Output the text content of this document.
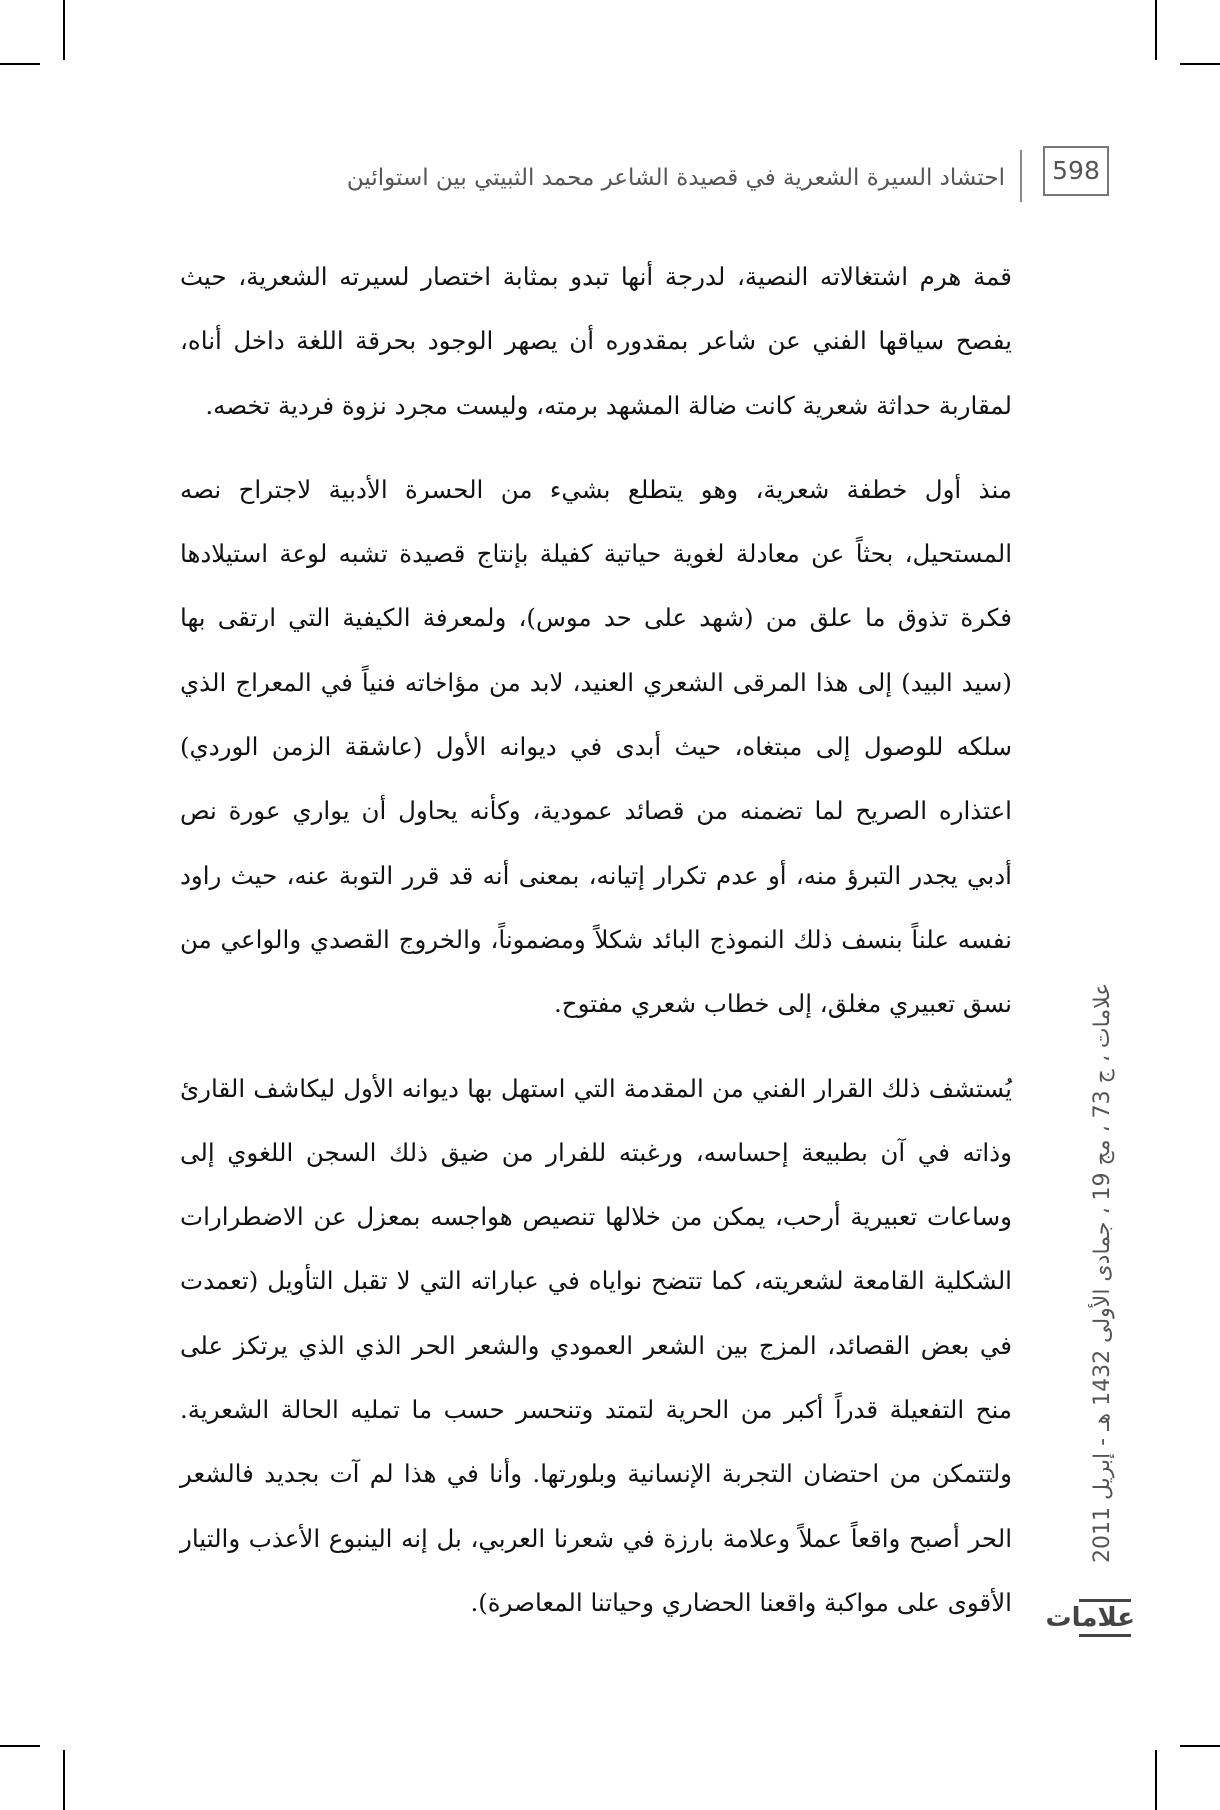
احتشاد السيرة الشعرية في قصيدة الشاعر محمد الثبيتي بين استوائين	598

قمة هرم اشتغالاته النصية، لدرجة أنها تبدو بمثابة اختصار لسيرته الشعرية، حيث يفصح سياقها الفني عن شاعر بمقدوره أن يصهر الوجود بحرقة اللغة داخل أناه، لمقاربة حداثة شعرية كانت ضالة المشهد برمته، وليست مجرد نزوة فردية تخصه.

منذ أول خطفة شعرية، وهو يتطلع بشيء من الحسرة الأدبية لاجتراح نصه المستحيل، بحثاً عن معادلة لغوية حياتية كفيلة بإنتاج قصيدة تشبه لوعة استيلادها فكرة تذوق ما علق من (شهد على حد موس)، ولمعرفة الكيفية التي ارتقى بها (سيد البيد) إلى هذا المرقى الشعري العنيد، لابد من مؤاخاته فنياً في المعراج الذي سلكه للوصول إلى مبتغاه، حيث أبدى في ديوانه الأول (عاشقة الزمن الوردي) اعتذاره الصريح لما تضمنه من قصائد عمودية، وكأنه يحاول أن يواري عورة نص أدبي يجدر التبرؤ منه، أو عدم تكرار إتيانه، بمعنى أنه قد قرر التوبة عنه، حيث راود نفسه علناً بنسف ذلك النموذج البائد شكلاً ومضموناً، والخروج القصدي والواعي من نسق تعبيري مغلق، إلى خطاب شعري مفتوح.

يُستشف ذلك القرار الفني من المقدمة التي استهل بها ديوانه الأول ليكاشف القارئ وذاته في آن بطبيعة إحساسه، ورغبته للفرار من ضيق ذلك السجن اللغوي إلى وساعات تعبيرية أرحب، يمكن من خلالها تنصيص هواجسه بمعزل عن الاضطرارات الشكلية القامعة لشعريته، كما تتضح نواياه في عباراته التي لا تقبل التأويل (تعمدت في بعض القصائد، المزج بين الشعر العمودي والشعر الحر الذي الذي يرتكز على منح التفعيلة قدراً أكبر من الحرية لتمتد وتنحسر حسب ما تمليه الحالة الشعرية. ولتتمكن من احتضان التجربة الإنسانية وبلورتها. وأنا في هذا لم آت بجديد فالشعر الحر أصبح واقعاً عملاً وعلامة بارزة في شعرنا العربي، بل إنه الينبوع الأعذب والتيار الأقوى على مواكبة واقعنا الحضاري وحياتنا المعاصرة).

علامات ، ج 73 ، مج 19 ، جمادى الأولى 1432 هـ - إبريل 2011
علامات
